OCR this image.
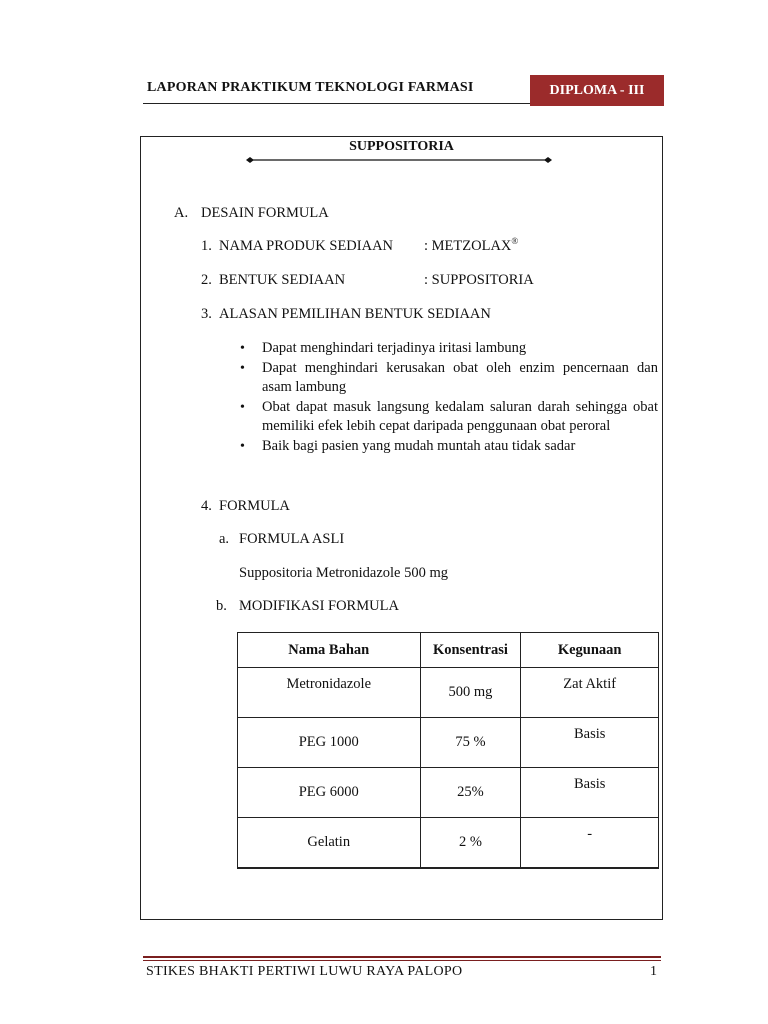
LAPORAN PRAKTIKUM TEKNOLOGI FARMASI	DIPLOMA - III
SUPPOSITORIA
A. DESAIN FORMULA
1. NAMA PRODUK SEDIAAN : METZOLAX®
2. BENTUK SEDIAAN	: SUPPOSITORIA
3. ALASAN PEMILIHAN BENTUK SEDIAAN
• Dapat menghindari terjadinya iritasi lambung
• Dapat menghindari kerusakan obat oleh enzim pencernaan dan asam lambung
• Obat dapat masuk langsung kedalam saluran darah sehingga obat memiliki efek lebih cepat daripada penggunaan obat peroral
• Baik bagi pasien yang mudah muntah atau tidak sadar
4. FORMULA
a. FORMULA ASLI
Suppositoria Metronidazole 500 mg
b. MODIFIKASI FORMULA
Nama Bahan	Konsentrasi	Kegunaan
Metronidazole	500 mg	Zat Aktif
PEG 1000	75 %	Basis
PEG 6000	25%	Basis
Gelatin	2 %	-
STIKES BHAKTI PERTIWI LUWU RAYA PALOPO	1
